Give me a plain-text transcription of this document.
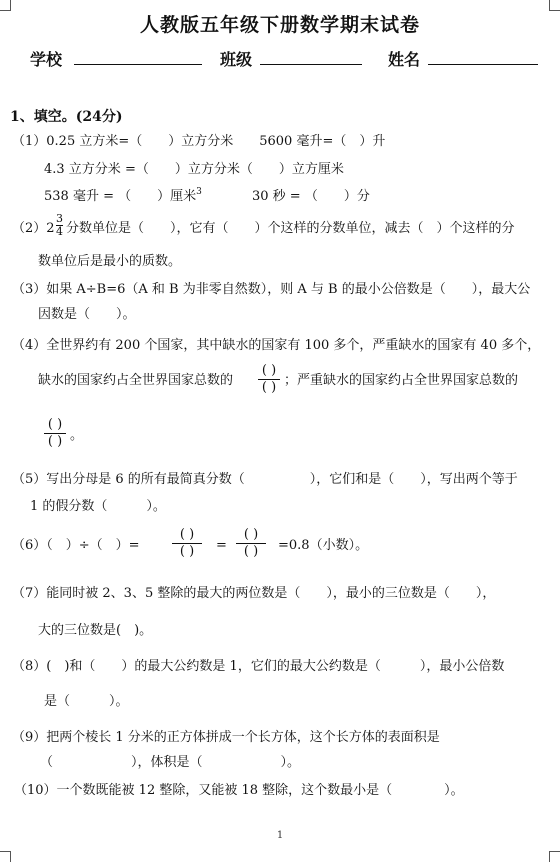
人教版五年级下册数学期末试卷
学校	班级	姓名
1、填空。(24分)
（1）0.25 立方米=（　　）立方分米　　5600 毫升=（　）升
4.3 立方分米 =（　　）立方分米（　　）立方厘米
538 毫升 = （　　）厘米$^3$	30 秒 = （　　）分
（2）2
3
4 分数单位是（　　），它有（　　）个这样的分数单位，减去（　）个这样的分
数单位后是最小的质数。
（3）如果 A÷B=6（A 和 B 为非零自然数），则 A 与 B 的最小公倍数是（　　），最大公
因数是（　　）。
（4）全世界约有 200 个国家，其中缺水的国家有 100 多个，严重缺水的国家有 40 多个，
缺水的国家约占全世界国家总数的
( )
( ) ；严重缺水的国家约占全世界国家总数的
( )
( ) 。
（5）写出分母是 6 的所有最简真分数（　　　　　），它们和是（　　），写出两个等于
1 的假分数（　　　）。
（6）（　）÷（　）=
( )
( )	=
( )
( )	=0.8（小数）。
（7）能同时被 2、3、5 整除的最大的两位数是（　　），最小的三位数是（　　），
大的三位数是(　)。
（8）(　)和（　　）的最大公约数是 1，它们的最大公约数是（　　　），最小公倍数
是（　　　）。
（9）把两个棱长 1 分米的正方体拼成一个长方体，这个长方体的表面积是
（　　　　　　），体积是（　　　　　　）。
（10）一个数既能被 12 整除，又能被 18 整除，这个数最小是（　　　　）。
1
